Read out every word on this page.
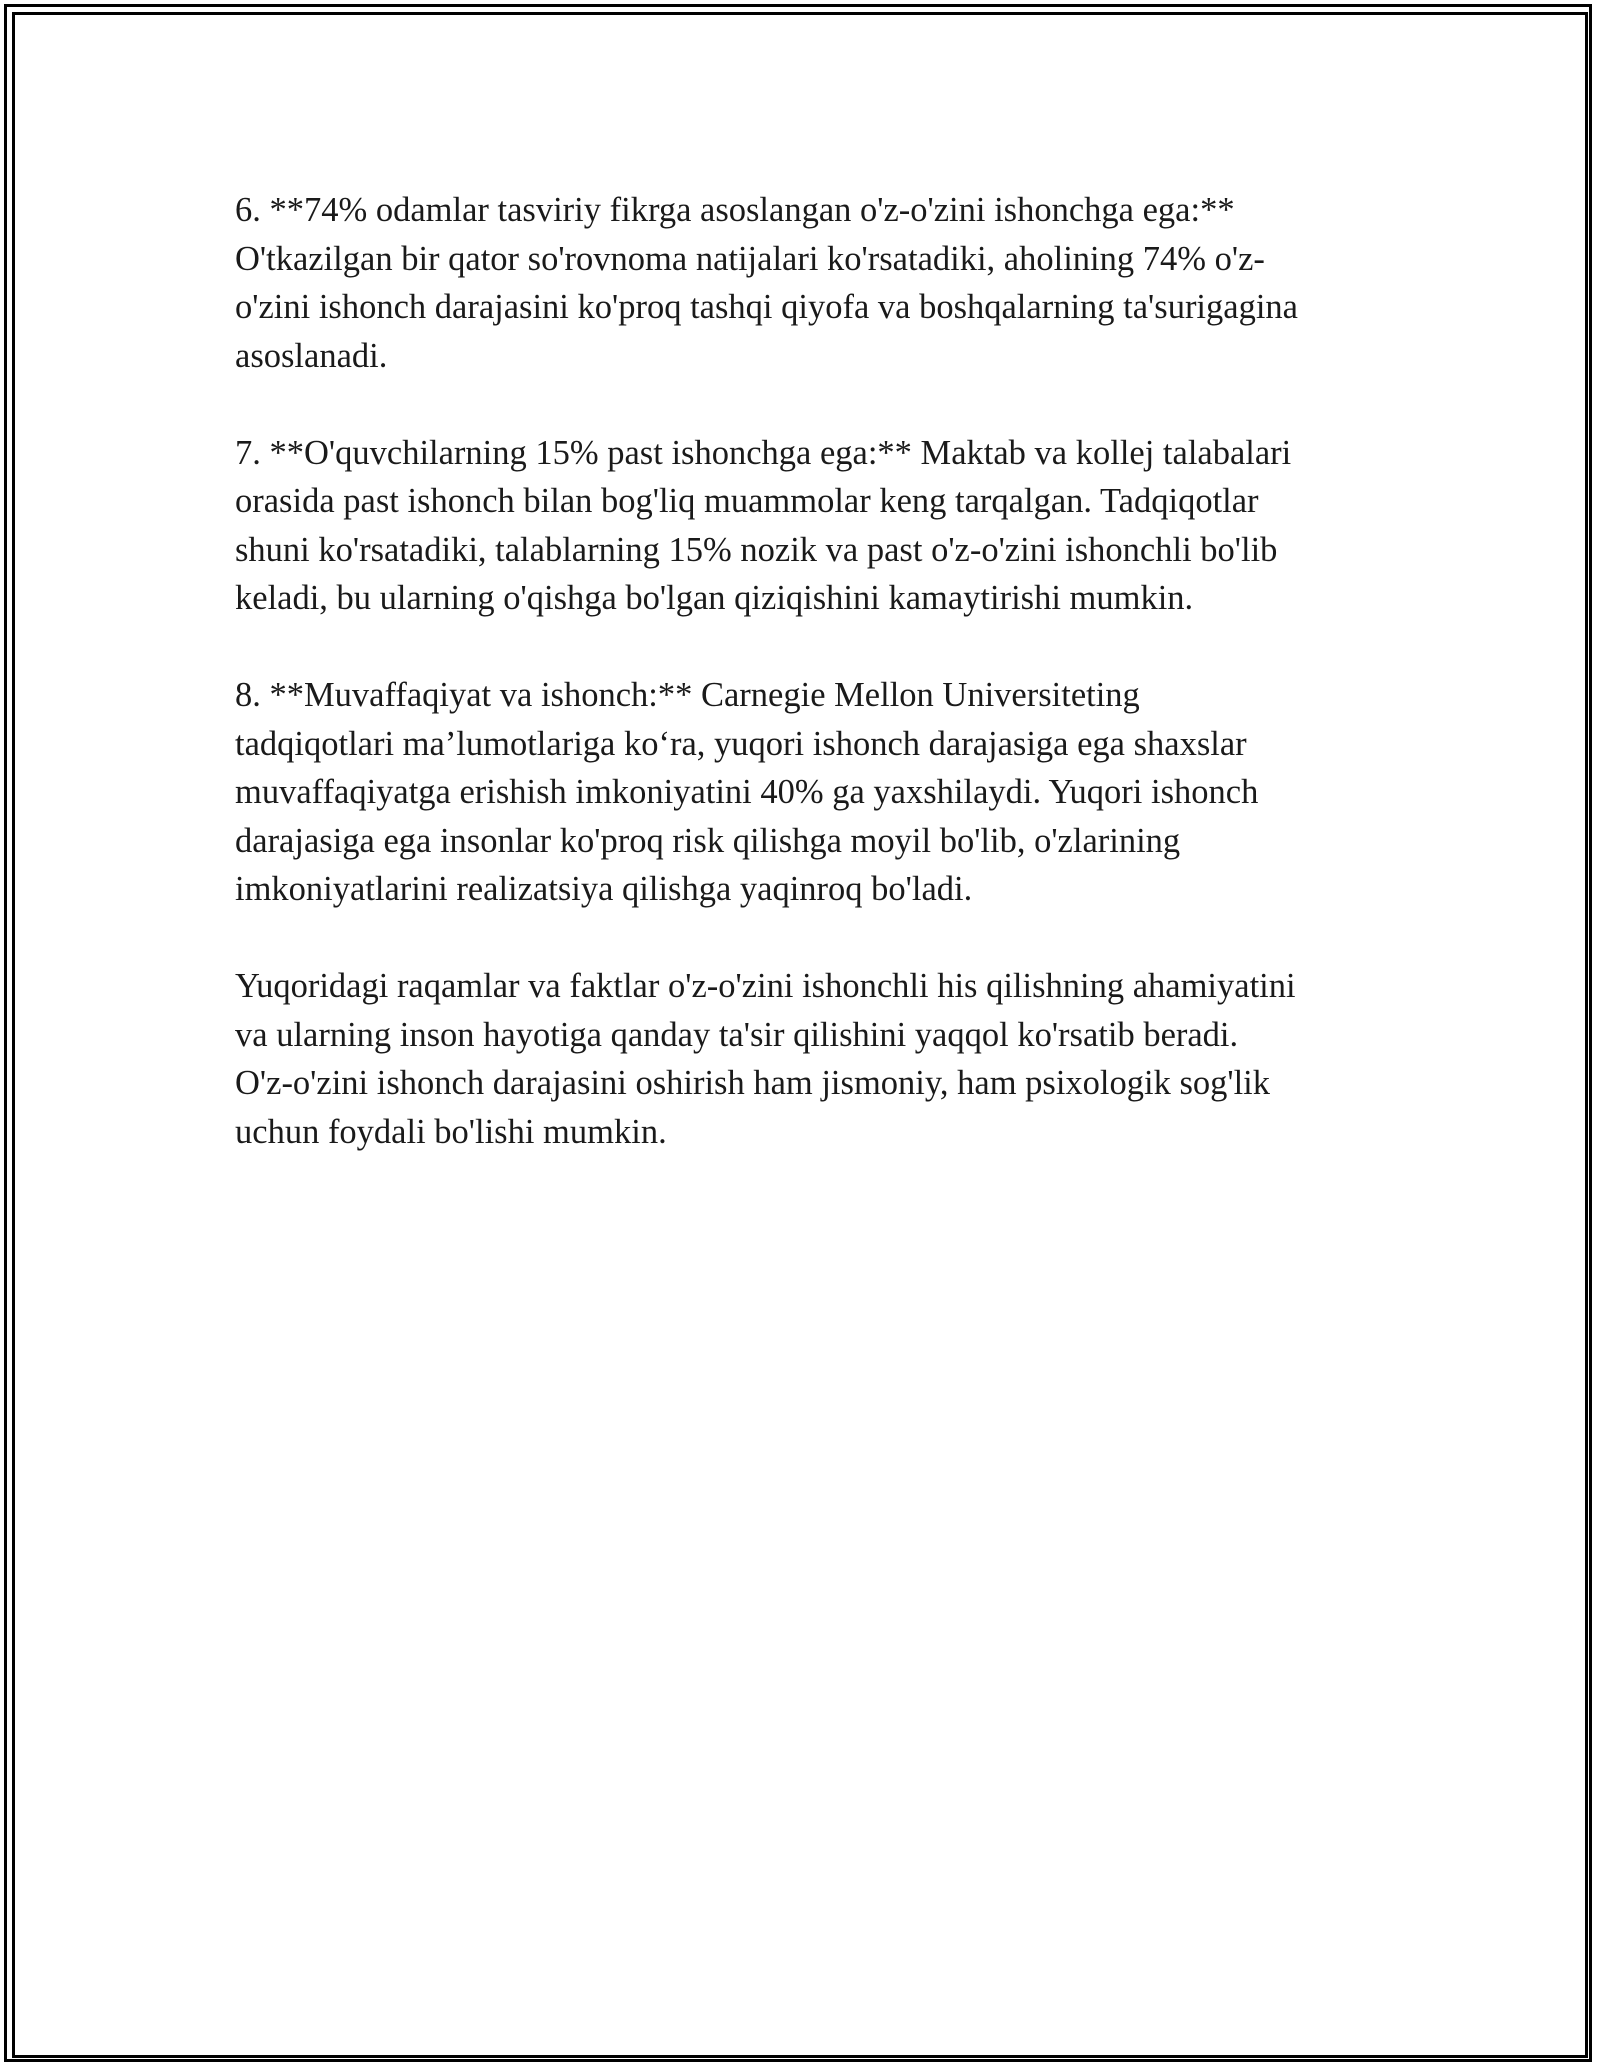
6. **74% odamlar tasviriy fikrga asoslangan o'z-o'zini ishonchga ega:**
O'tkazilgan bir qator so'rovnoma natijalari ko'rsatadiki, aholining 74% o'z-
o'zini ishonch darajasini ko'proq tashqi qiyofa va boshqalarning ta'surigagina
asoslanadi.

7. **O'quvchilarning 15% past ishonchga ega:** Maktab va kollej talabalari
orasida past ishonch bilan bog'liq muammolar keng tarqalgan. Tadqiqotlar
shuni ko'rsatadiki, talablarning 15% nozik va past o'z-o'zini ishonchli bo'lib
keladi, bu ularning o'qishga bo'lgan qiziqishini kamaytirishi mumkin.

8. **Muvaffaqiyat va ishonch:** Carnegie Mellon Universiteting
tadqiqotlari ma’lumotlariga ko‘ra, yuqori ishonch darajasiga ega shaxslar
muvaffaqiyatga erishish imkoniyatini 40% ga yaxshilaydi. Yuqori ishonch
darajasiga ega insonlar ko'proq risk qilishga moyil bo'lib, o'zlarining
imkoniyatlarini realizatsiya qilishga yaqinroq bo'ladi.

Yuqoridagi raqamlar va faktlar o'z-o'zini ishonchli his qilishning ahamiyatini
va ularning inson hayotiga qanday ta'sir qilishini yaqqol ko'rsatib beradi.
O'z-o'zini ishonch darajasini oshirish ham jismoniy, ham psixologik sog'lik
uchun foydali bo'lishi mumkin.
